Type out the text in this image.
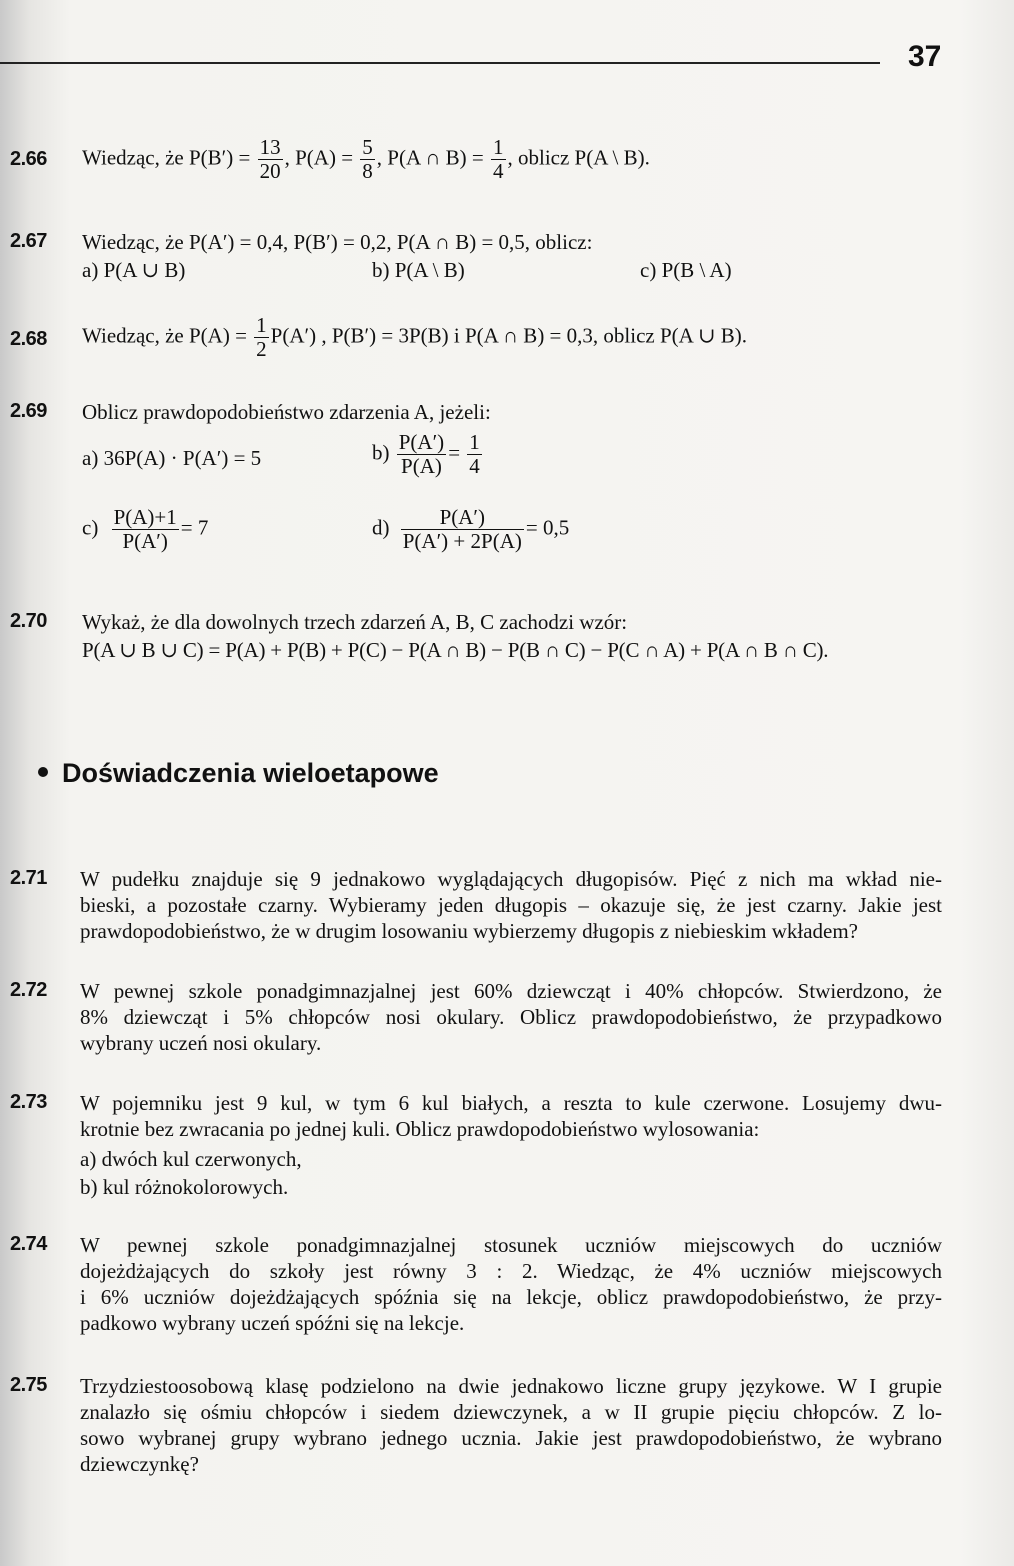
37
2.66 Wiedząc, że $P(B') = \frac{13}{20}$ , $P(A) = \frac{5}{8}$ , P(A ∩ $B) = \frac{1}{4}$ , oblicz P(A \ B).
2.67 Wiedząc, że P(A′) = 0,4, P(B′) = 0,2, P(A ∩ B) = 0,5, oblicz:
a) P(A ∪ B)	b) P(A \ B)	c) P(B \ A)
2.68 Wiedząc, że $P(A) = \frac{1}{2} P(A')$ , P(B′) = 3P(B) i P(A ∩ B) = 0,3, oblicz P(A ∪ B).
2.69 Oblicz prawdopodobieństwo zdarzenia A, jeżeli:
a) 36P(A) · P(A′) = 5	$b) \frac{P(A')}{P(A)} = \frac{1}{4}$
$c) \frac{P(A)+1}{P(A')} = 7$	$d) \frac{P(A')}{P(A') + 2P(A)} = 0,5$
2.70 Wykaż, że dla dowolnych trzech zdarzeń A, B, C zachodzi wzór:
P(A ∪ B ∪ C) = P(A) + P(B) + P(C) − P(A ∩ B) − P(B ∩ C) − P(C ∩ A) + P(A ∩ B ∩ C).
Doświadczenia wieloetapowe
2.71 W pudełku znajduje się 9 jednakowo wyglądających długopisów. Pięć z nich ma wkład nie-
bieski, a pozostałe czarny. Wybieramy jeden długopis – okazuje się, że jest czarny. Jakie jest
prawdopodobieństwo, że w drugim losowaniu wybierzemy długopis z niebieskim wkładem?
2.72 W pewnej szkole ponadgimnazjalnej jest 60% dziewcząt i 40% chłopców. Stwierdzono, że
8% dziewcząt i 5% chłopców nosi okulary. Oblicz prawdopodobieństwo, że przypadkowo
wybrany uczeń nosi okulary.
2.73 W pojemniku jest 9 kul, w tym 6 kul białych, a reszta to kule czerwone. Losujemy dwu-
krotnie bez zwracania po jednej kuli. Oblicz prawdopodobieństwo wylosowania:
a) dwóch kul czerwonych,
b) kul różnokolorowych.
2.74 W pewnej szkole ponadgimnazjalnej stosunek uczniów miejscowych do uczniów
dojeżdżających do szkoły jest równy 3 : 2. Wiedząc, że 4% uczniów miejscowych
i 6% uczniów dojeżdżających spóźnia się na lekcje, oblicz prawdopodobieństwo, że przy-
padkowo wybrany uczeń spóźni się na lekcje.
2.75 Trzydziestoosobową klasę podzielono na dwie jednakowo liczne grupy językowe. W I grupie
znalazło się ośmiu chłopców i siedem dziewczynek, a w II grupie pięciu chłopców. Z lo-
sowo wybranej grupy wybrano jednego ucznia. Jakie jest prawdopodobieństwo, że wybrano
dziewczynkę?
